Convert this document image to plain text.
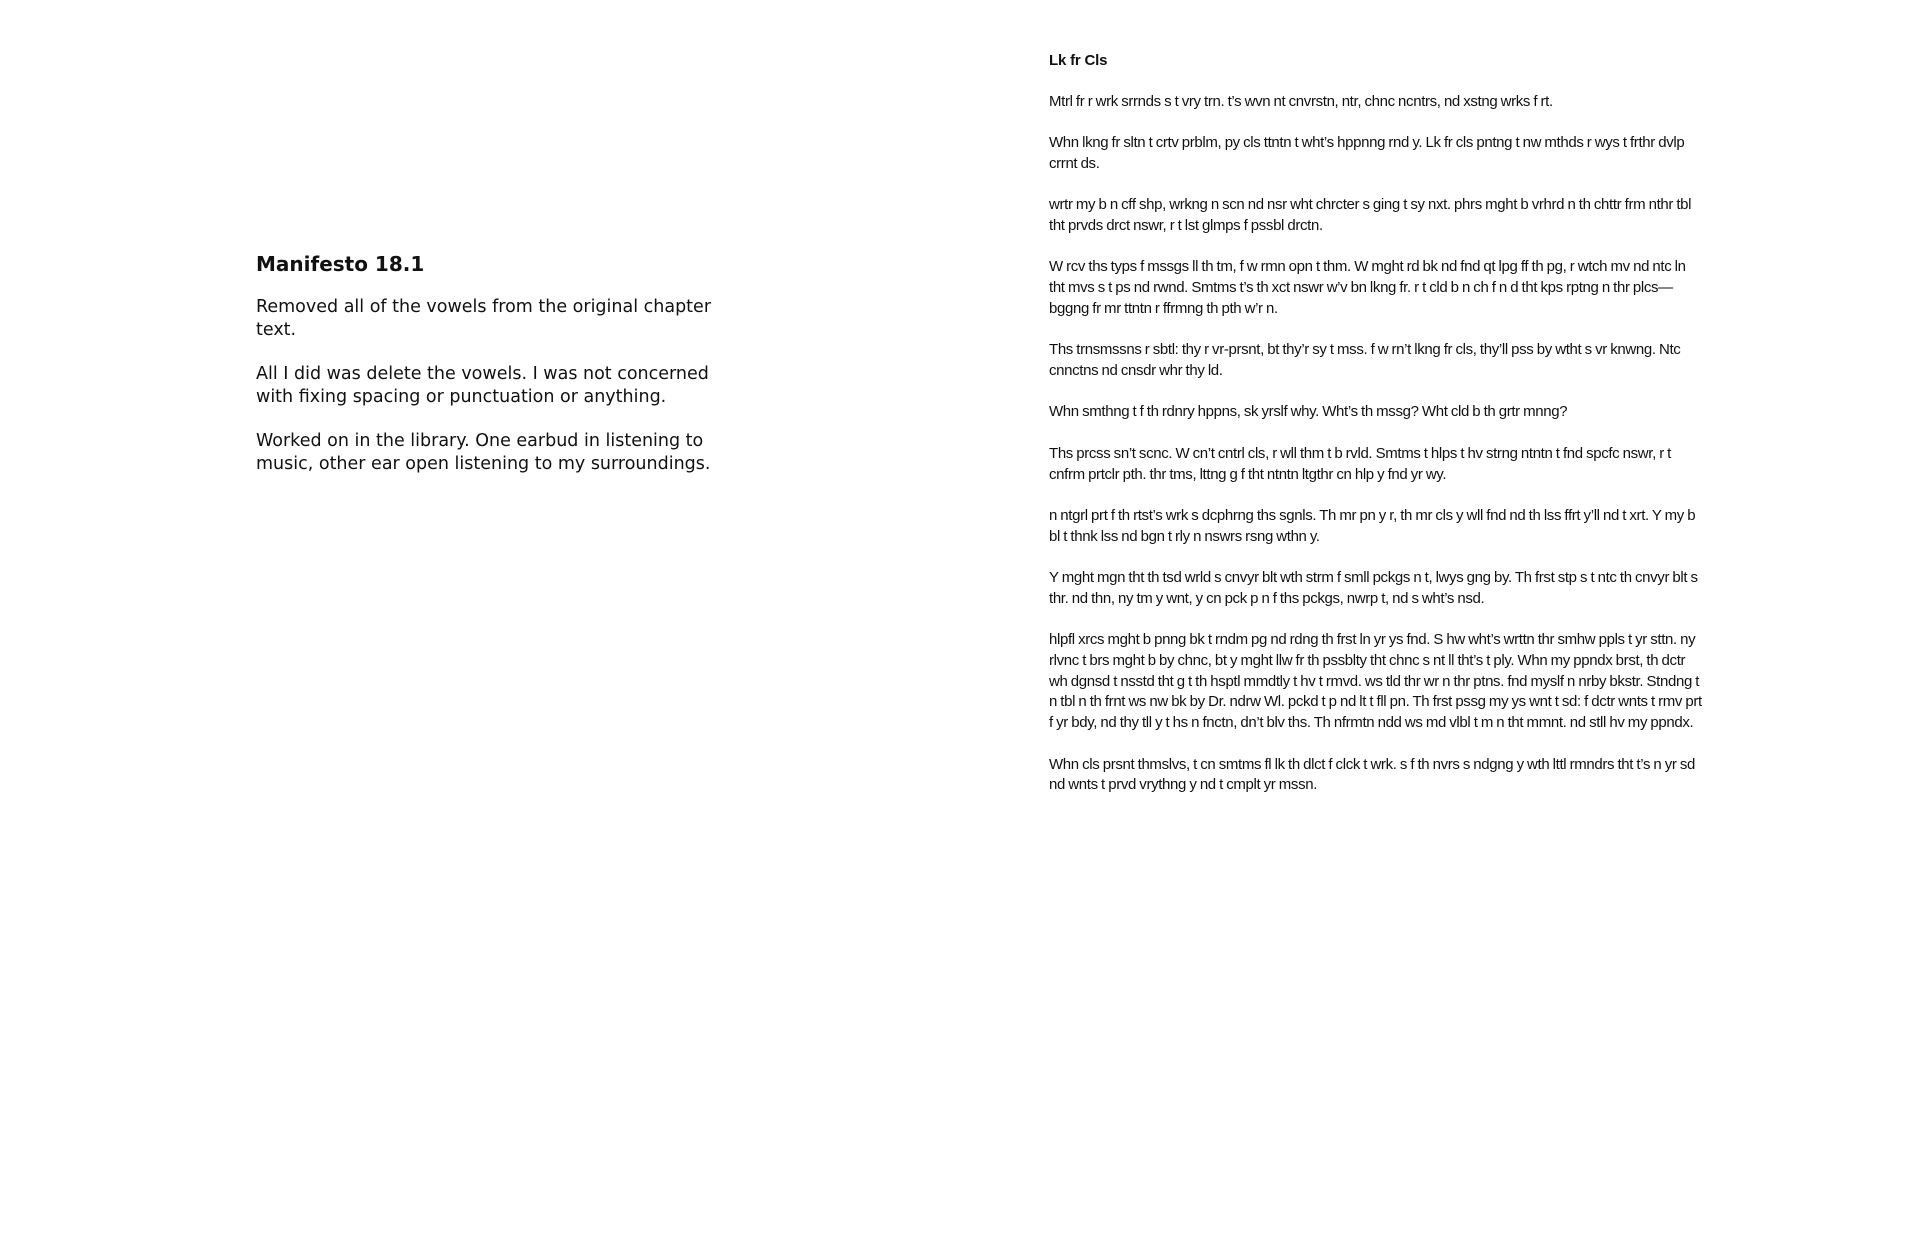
Manifesto 18.1

Removed all of the vowels from the original chapter text.

All I did was delete the vowels. I was not concerned with fixing spacing or punctuation or anything.

Worked on in the library. One earbud in listening to music, other ear open listening to my surroundings.

Lk fr Cls

Mtrl fr r wrk srrnds s t vry trn. t’s wvn nt cnvrstn, ntr, chnc ncntrs, nd xstng wrks f rt.

Whn lkng fr sltn t crtv prblm, py cls ttntn t wht’s hppnng rnd y. Lk fr cls pntng t nw mthds r wys t frthr dvlp crrnt ds.

wrtr my b n cff shp, wrkng n scn nd nsr wht chrcter s ging t sy nxt. phrs mght b vrhrd n th chttr frm nthr tbl tht prvds drct nswr, r t lst glmps f pssbl drctn.

W rcv ths typs f mssgs ll th tm, f w rmn opn t thm. W mght rd bk nd fnd qt lpg ff th pg, r wtch mv nd ntc ln tht mvs s t ps nd rwnd. Smtms t’s th xct nswr w’v bn lkng fr. r t cld b n ch f n d tht kps rptng n thr plcs—bggng fr mr ttntn r ffrmng th pth w’r n.

Ths trnsmssns r sbtl: thy r vr-prsnt, bt thy’r sy t mss. f w rn’t lkng fr cls, thy’ll pss by wtht s vr knwng. Ntc cnnctns nd cnsdr whr thy ld.

Whn smthng t f th rdnry hppns, sk yrslf why. Wht’s th mssg? Wht cld b th grtr mnng?

Ths prcss sn’t scnc. W cn’t cntrl cls, r wll thm t b rvld. Smtms t hlps t hv strng ntntn t fnd spcfc nswr, r t cnfrm prtclr pth. thr tms, lttng g f tht ntntn ltgthr cn hlp y fnd yr wy.

n ntgrl prt f th rtst’s wrk s dcphrng ths sgnls. Th mr pn y r, th mr cls y wll fnd nd th lss ffrt y’ll nd t xrt. Y my b bl t thnk lss nd bgn t rly n nswrs rsng wthn y.

Y mght mgn tht th tsd wrld s cnvyr blt wth strm f smll pckgs n t, lwys gng by. Th frst stp s t ntc th cnvyr blt s thr. nd thn, ny tm y wnt, y cn pck p n f ths pckgs, nwrp t, nd s wht’s nsd.

hlpfl xrcs mght b pnng bk t rndm pg nd rdng th frst ln yr ys fnd. S hw wht’s wrttn thr smhw ppls t yr sttn. ny rlvnc t brs mght b by chnc, bt y mght llw fr th pssblty tht chnc s nt ll tht’s t ply. Whn my ppndx brst, th dctr wh dgnsd t nsstd tht g t th hsptl mmdtly t hv t rmvd. ws tld thr wr n thr ptns. fnd myslf n nrby bkstr. Stndng t n tbl n th frnt ws nw bk by Dr. ndrw Wl. pckd t p nd lt t fll pn. Th frst pssg my ys wnt t sd: f dctr wnts t rmv prt f yr bdy, nd thy tll y t hs n fnctn, dn’t blv ths. Th nfrmtn ndd ws md vlbl t m n tht mmnt. nd stll hv my ppndx.

Whn cls prsnt thmslvs, t cn smtms fl lk th dlct f clck t wrk. s f th nvrs s ndgng y wth lttl rmndrs tht t’s n yr sd nd wnts t prvd vrythng y nd t cmplt yr mssn.
